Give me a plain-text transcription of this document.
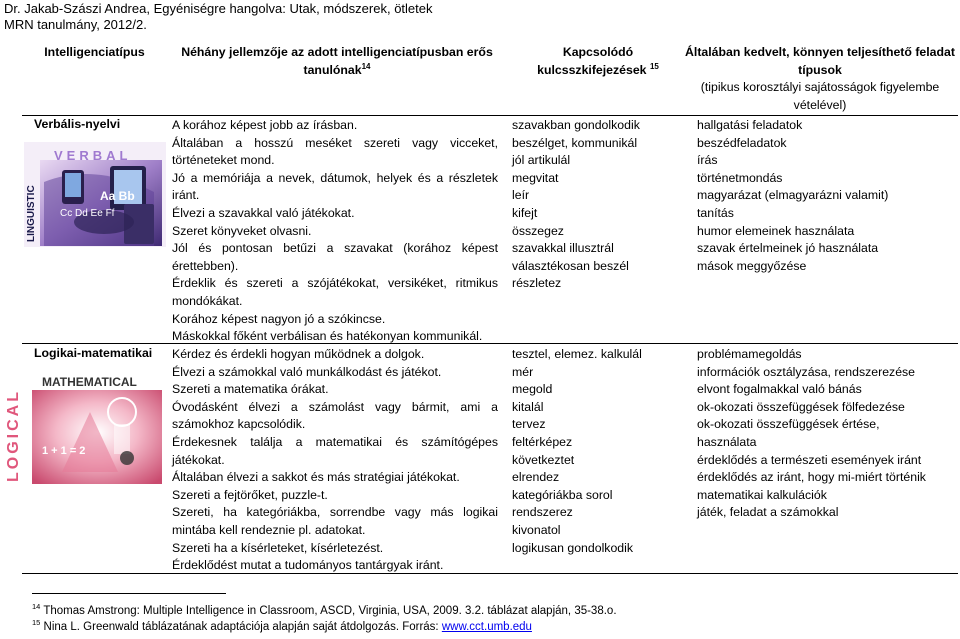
Dr. Jakab-Szászi Andrea, Egyéniségre hangolva: Utak, módszerek, ötletek
MRN tanulmány, 2012/2.
Intelligenciatípus	Néhány jellemzője az adott intelligenciatípusban erős tanulónak$^{14}$
Kapcsolódó kulcsszkifejezések $^{15}$
Általában kedvelt, könnyen teljesíthető feladat típusok
(tipikus korosztályi sajátosságok figyelembe vételével)
Verbális-nyelvi
VERBAL
Aa Bb
Cc Dd Ee Ff
LINGUISTIC
A korához képest jobb az írásban.
Általában a hosszú meséket szereti vagy vicceket, történeteket mond.
Jó a memóriája a nevek, dátumok, helyek és a részletek iránt.
Élvezi a szavakkal való játékokat.
Szeret könyveket olvasni.
Jól és pontosan betűzi a szavakat (korához képest érettebben).
Érdeklik és szereti a szójátékokat, versikéket, ritmikus mondókákat.
Korához képest nagyon jó a szókincse.
Máskokkal főként verbálisan és hatékonyan kommunikál.
szavakban gondolkodik
beszélget, kommunikál
jól artikulál
megvitat
leír
kifejt
összegez
szavakkal illusztrál
választékosan beszél
részletez
hallgatási feladatok
beszédfeladatok
írás
történetmondás
magyarázat (elmagyarázni valamit)
tanítás
humor elemeinek használata
szavak értelmeinek jó használata
mások meggyőzése
Logikai-matematikai
MATHEMATICAL
1 + 1 = 2
LOGICAL
Kérdez és érdekli hogyan működnek a dolgok.
Élvezi a számokkal való munkálkodást és játékot.
Szereti a matematika órákat.
Óvodásként élvezi a számolást vagy bármit, ami a számokhoz kapcsolódik.
Érdekesnek találja a matematikai és számítógépes játékokat.
Általában élvezi a sakkot és más stratégiai játékokat.
Szereti a fejtörőket, puzzle-t.
Szereti, ha kategóriákba, sorrendbe vagy más logikai mintába kell rendeznie pl. adatokat.
Szereti ha a kísérleteket, kísérletezést.
Érdeklődést mutat a tudományos tantárgyak iránt.
tesztel, elemez. kalkulál
mér
megold
kitalál
tervez
feltérképez
következtet
elrendez
kategóriákba sorol
rendszerez
kivonatol
logikusan gondolkodik
problémamegoldás
információk osztályzása, rendszerezése
elvont fogalmakkal való bánás
ok-okozati összefüggések fölfedezése
ok-okozati összefüggések értése,
használata
érdeklődés a természeti események iránt
érdeklődés az iránt, hogy mi-miért történik
matematikai kalkulációk
játék, feladat a számokkal
$^{14}$ Thomas Amstrong: Multiple Intelligence in Classroom, ASCD, Virginia, USA, 2009. 3.2. táblázat alapján, 35-38.o.
$^{15}$ Nina L. Greenwald táblázatának adaptációja alapján saját átdolgozás. Forrás: www.cct.umb.edu
